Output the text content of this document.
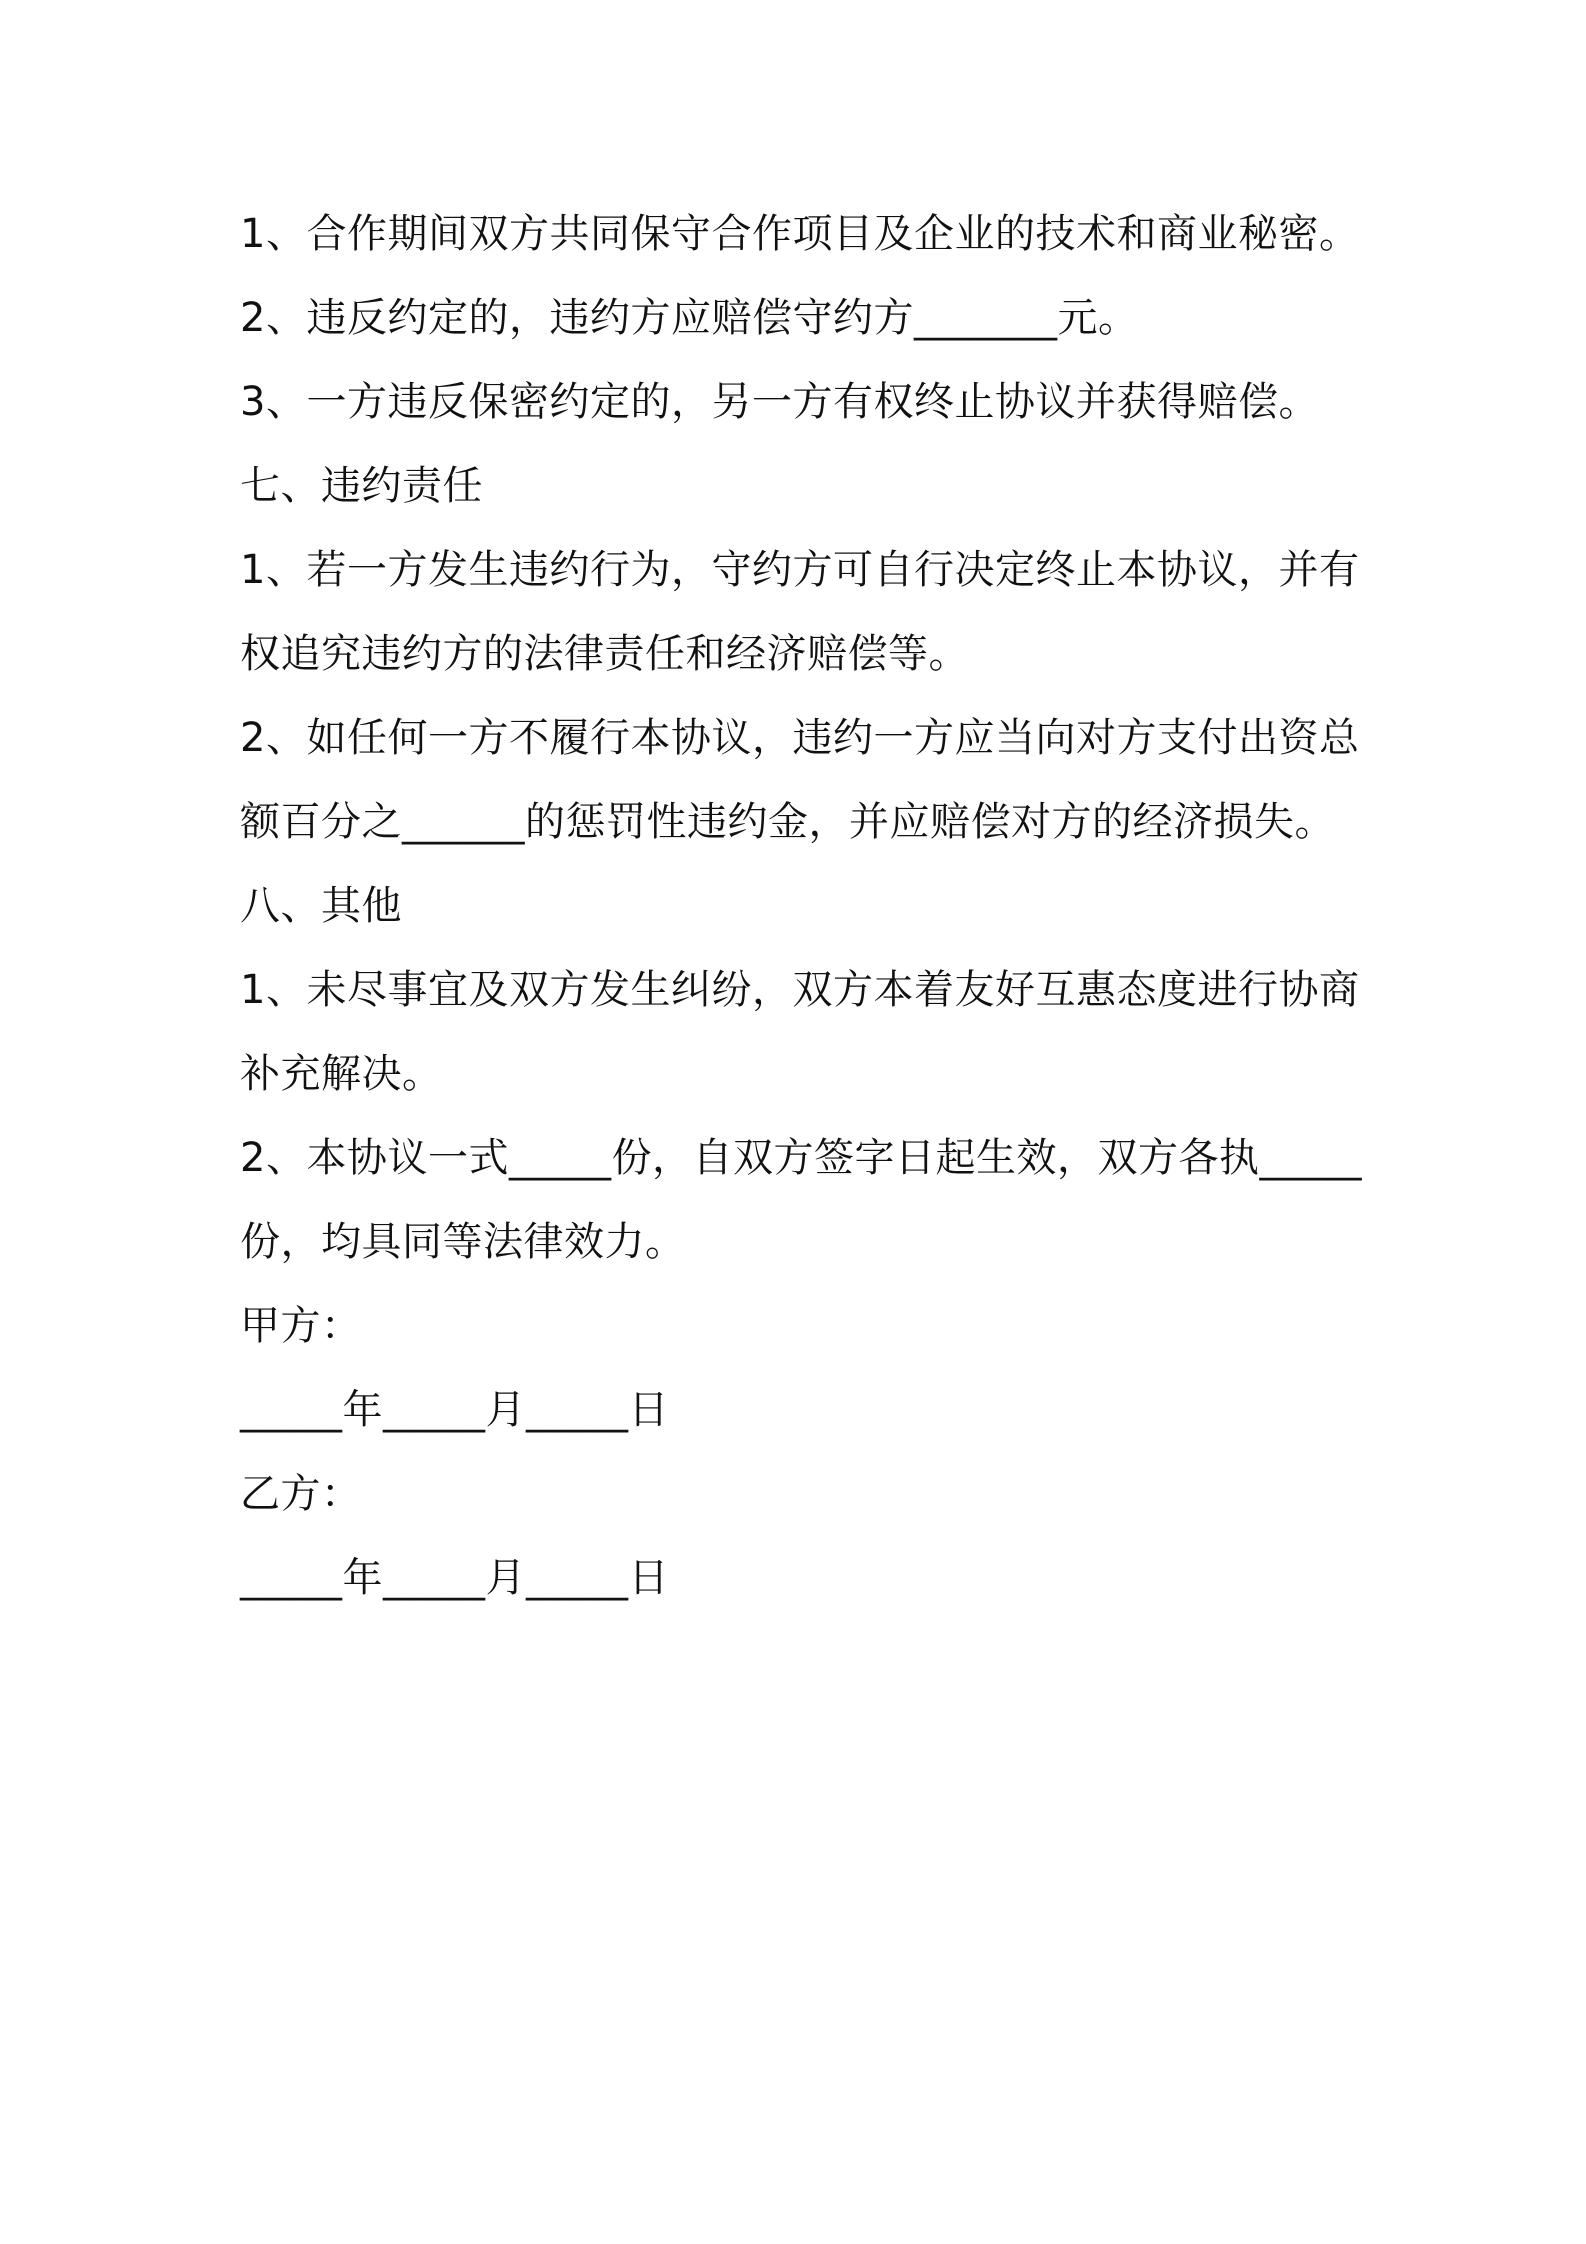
1、合作期间双方共同保守合作项目及企业的技术和商业秘密。
2、违反约定的，违约方应赔偿守约方_______元。
3、一方违反保密约定的，另一方有权终止协议并获得赔偿。
七、违约责任
1、若一方发生违约行为，守约方可自行决定终止本协议，并有
权追究违约方的法律责任和经济赔偿等。
2、如任何一方不履行本协议，违约一方应当向对方支付出资总
额百分之______的惩罚性违约金，并应赔偿对方的经济损失。
八、其他
1、未尽事宜及双方发生纠纷，双方本着友好互惠态度进行协商
补充解决。
2、本协议一式_____份，自双方签字日起生效，双方各执_____
份，均具同等法律效力。
甲方：
_____年_____月_____日
乙方：
_____年_____月_____日
